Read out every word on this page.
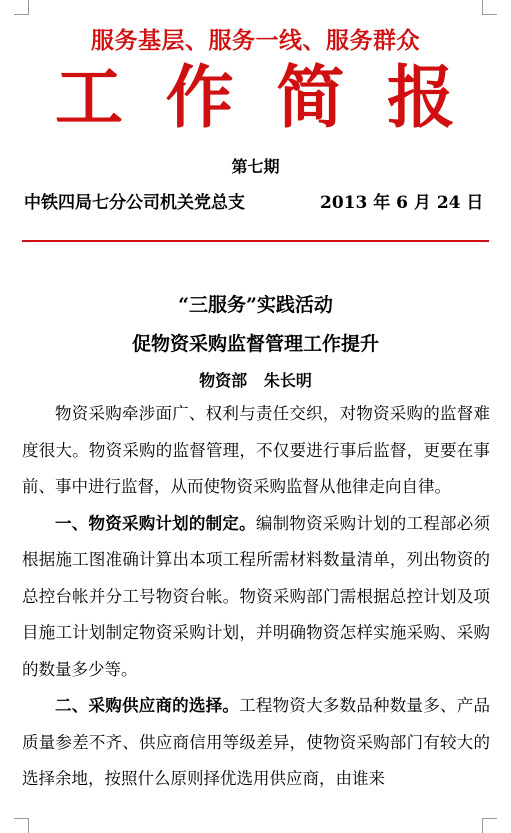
服务基层、服务一线、服务群众
工 作 简 报
第七期
中铁四局七分公司机关党总支	2013 年 6 月 24 日
“三服务”实践活动
促物资采购监督管理工作提升
物资部   朱长明

物资采购牵涉面广、权利与责任交织，对物资采购的监督难度很大。物资采购的监督管理，不仅要进行事后监督，更要在事前、事中进行监督，从而使物资采购监督从他律走向自律。

一、物资采购计划的制定。编制物资采购计划的工程部必须根据施工图准确计算出本项工程所需材料数量清单，列出物资的总控台帐并分工号物资台帐。物资采购部门需根据总控计划及项目施工计划制定物资采购计划，并明确物资怎样实施采购、采购的数量多少等。

二、采购供应商的选择。工程物资大多数品种数量多、产品质量参差不齐、供应商信用等级差异，使物资采购部门有较大的选择余地，按照什么原则择优选用供应商，由谁来
